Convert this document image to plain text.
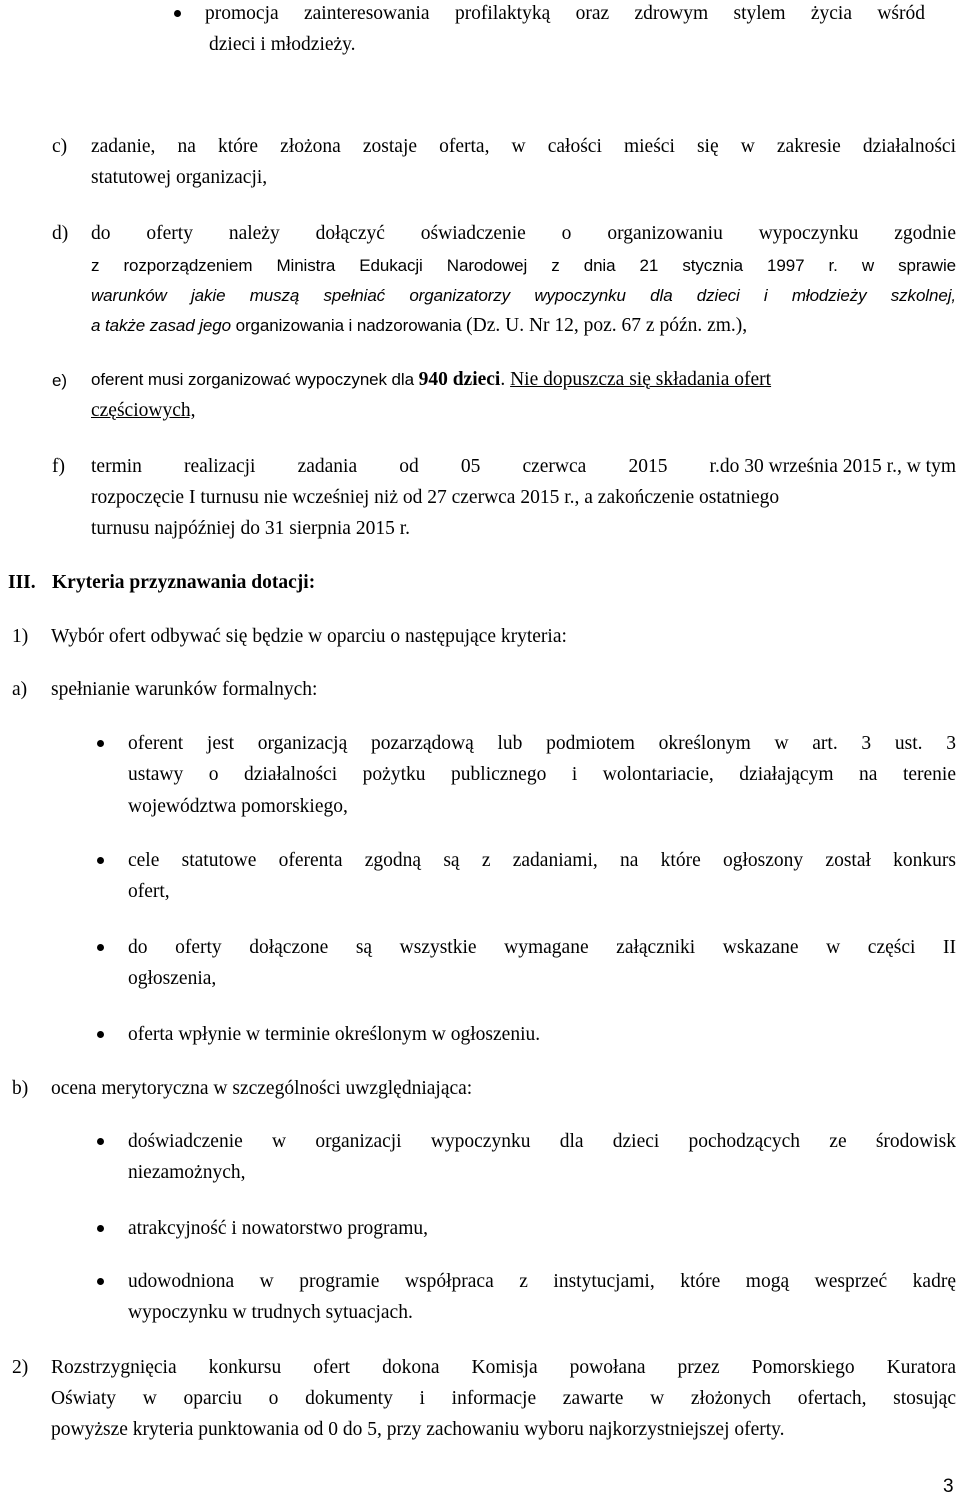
promocja zainteresowania profilaktyką oraz zdrowym stylem życia wśród
dzieci i młodzieży.
c) zadanie, na które złożona zostaje oferta, w całości mieści się w zakresie działalności
statutowej organizacji,
d) do oferty należy dołączyć oświadczenie o organizowaniu wypoczynku zgodnie
z rozporządzeniem Ministra Edukacji Narodowej z dnia 21 stycznia 1997 r. w sprawie
warunków jakie muszą spełniać organizatorzy wypoczynku dla dzieci i młodzieży szkolnej,
a także zasad jego organizowania i nadzorowania (Dz. U. Nr 12, poz. 67 z późn. zm.),
e) oferent musi zorganizować wypoczynek dla 940 dzieci. Nie dopuszcza się składania ofert
częściowych,
f) termin realizacji zadania od 05 czerwca 2015 r. do 30 września 2015 r. , w tym
rozpoczęcie I turnusu nie wcześniej niż od 27 czerwca 2015 r., a zakończenie ostatniego
turnusu najpóźniej do 31 sierpnia 2015 r.
III. Kryteria przyznawania dotacji:
1) Wybór ofert odbywać się będzie w oparciu o następujące kryteria:
a) spełnianie warunków formalnych:
oferent jest organizacją pozarządową lub podmiotem określonym w art. 3 ust. 3
ustawy o działalności pożytku publicznego i wolontariacie, działającym na terenie
województwa pomorskiego,
cele statutowe oferenta zgodną są z zadaniami, na które ogłoszony został konkurs
ofert,
do oferty dołączone są wszystkie wymagane załączniki wskazane w części II
ogłoszenia,
oferta wpłynie w terminie określonym w ogłoszeniu.
b) ocena merytoryczna w szczególności uwzględniająca:
doświadczenie w organizacji wypoczynku dla dzieci pochodzących ze środowisk
niezamożnych,
atrakcyjność i nowatorstwo programu,
udowodniona w programie współpraca z instytucjami, które mogą wesprzeć kadrę
wypoczynku w trudnych sytuacjach.
2) Rozstrzygnięcia konkursu ofert dokona Komisja powołana przez Pomorskiego Kuratora
Oświaty w oparciu o dokumenty i informacje zawarte w złożonych ofertach, stosując
powyższe kryteria punktowania od 0 do 5, przy zachowaniu wyboru najkorzystniejszej oferty.
3
